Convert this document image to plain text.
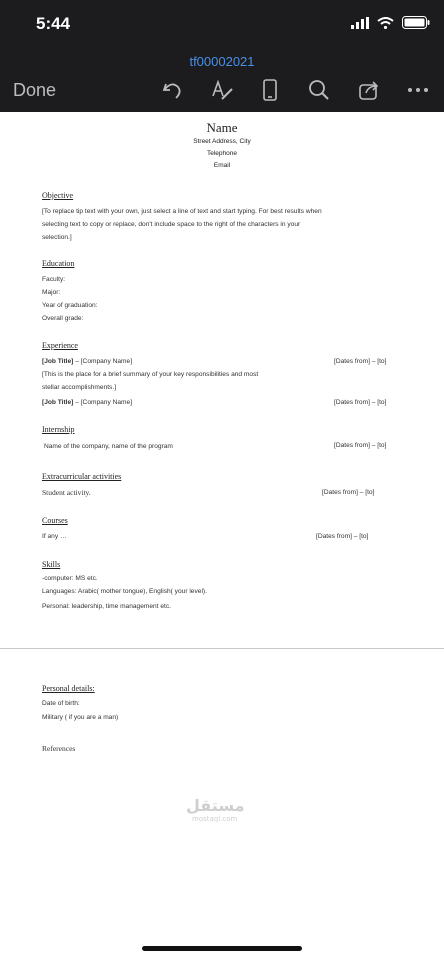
5:44
tf00002021
Done
Name
Street Address, City
Telephone
Email
Objective
[To replace tip text with your own, just select a line of text and start typing. For best results when
selecting text to copy or replace, don't include space to the right of the characters in your
selection.]
Education
Faculty:
Major:
Year of graduation:
Overall grade:
Experience
[Job Title] – [Company Name]	[Dates from] – [to]
[This is the place for a brief summary of your key responsibilities and most
stellar accomplishments.]
[Job Title] – [Company Name]	[Dates from] – [to]
Internship
Name of the company, name of the program	[Dates from] – [to]
Extracurricular activities
Student activity.	[Dates from] – [to]
Courses
If any …	[Dates from] – [to]
Skills
-computer: MS etc.
Languages: Arabic( mother tongue), English( your level).
Personal: leadership, time management etc.
Personal details:
Date of birth:
Military ( if you are a man)
References
مستقل
mostaql.com
